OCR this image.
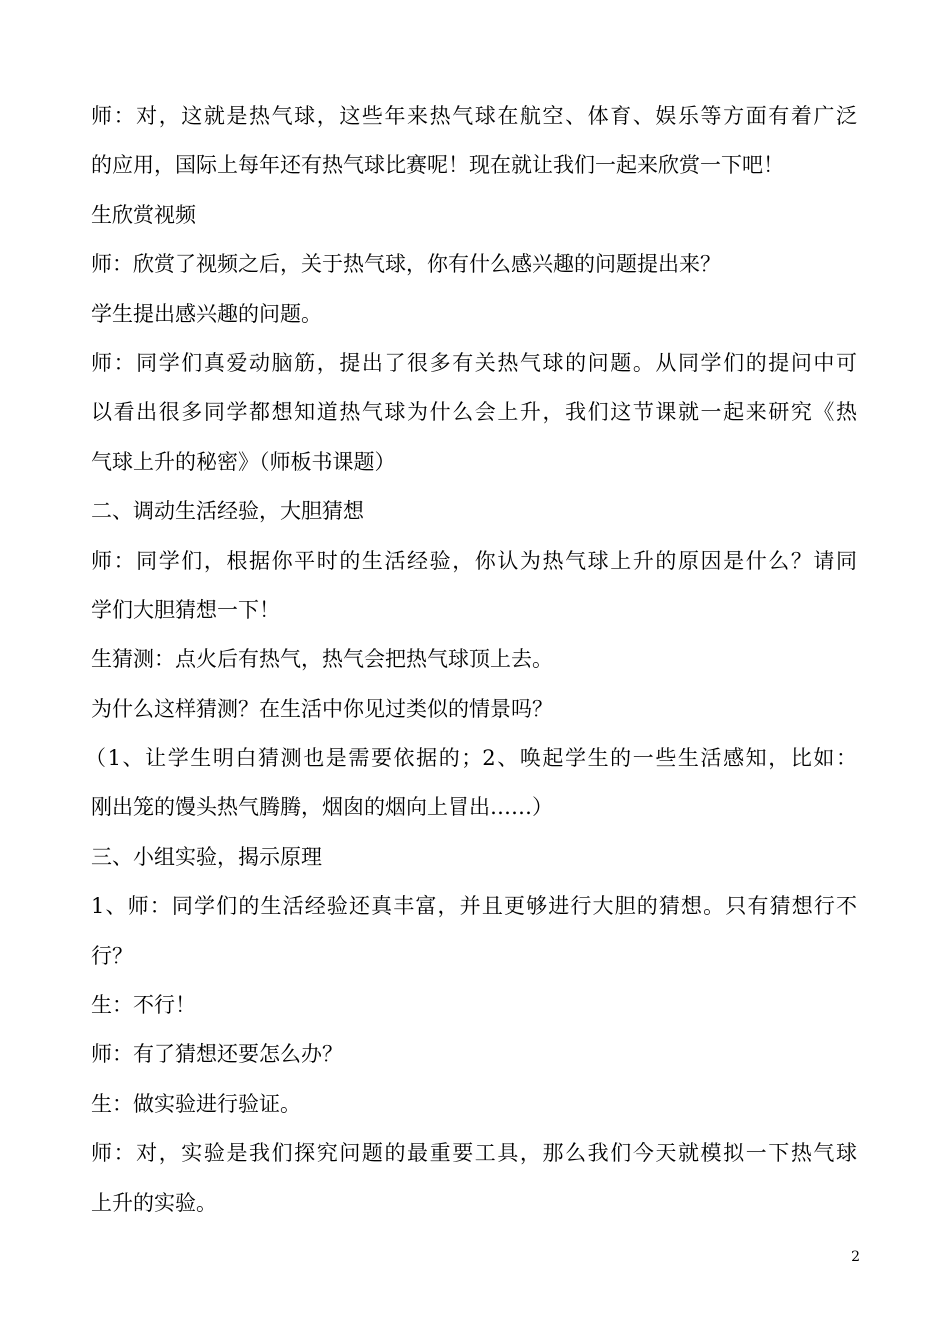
师：对，这就是热气球，这些年来热气球在航空、体育、娱乐等方面有着广泛
的应用，国际上每年还有热气球比赛呢！现在就让我们一起来欣赏一下吧！
生欣赏视频
师：欣赏了视频之后，关于热气球，你有什么感兴趣的问题提出来？
学生提出感兴趣的问题。
师：同学们真爱动脑筋，提出了很多有关热气球的问题。从同学们的提问中可
以看出很多同学都想知道热气球为什么会上升，我们这节课就一起来研究《热
气球上升的秘密》（师板书课题）
二、调动生活经验，大胆猜想
师：同学们，根据你平时的生活经验，你认为热气球上升的原因是什么？请同
学们大胆猜想一下！
生猜测：点火后有热气，热气会把热气球顶上去。
为什么这样猜测？在生活中你见过类似的情景吗？
（1、让学生明白猜测也是需要依据的；2、唤起学生的一些生活感知，比如：
刚出笼的馒头热气腾腾，烟囱的烟向上冒出……）
三、小组实验，揭示原理
1、师：同学们的生活经验还真丰富，并且更够进行大胆的猜想。只有猜想行不
行？
生：不行！
师：有了猜想还要怎么办？
生：做实验进行验证。
师：对，实验是我们探究问题的最重要工具，那么我们今天就模拟一下热气球
上升的实验。
2
